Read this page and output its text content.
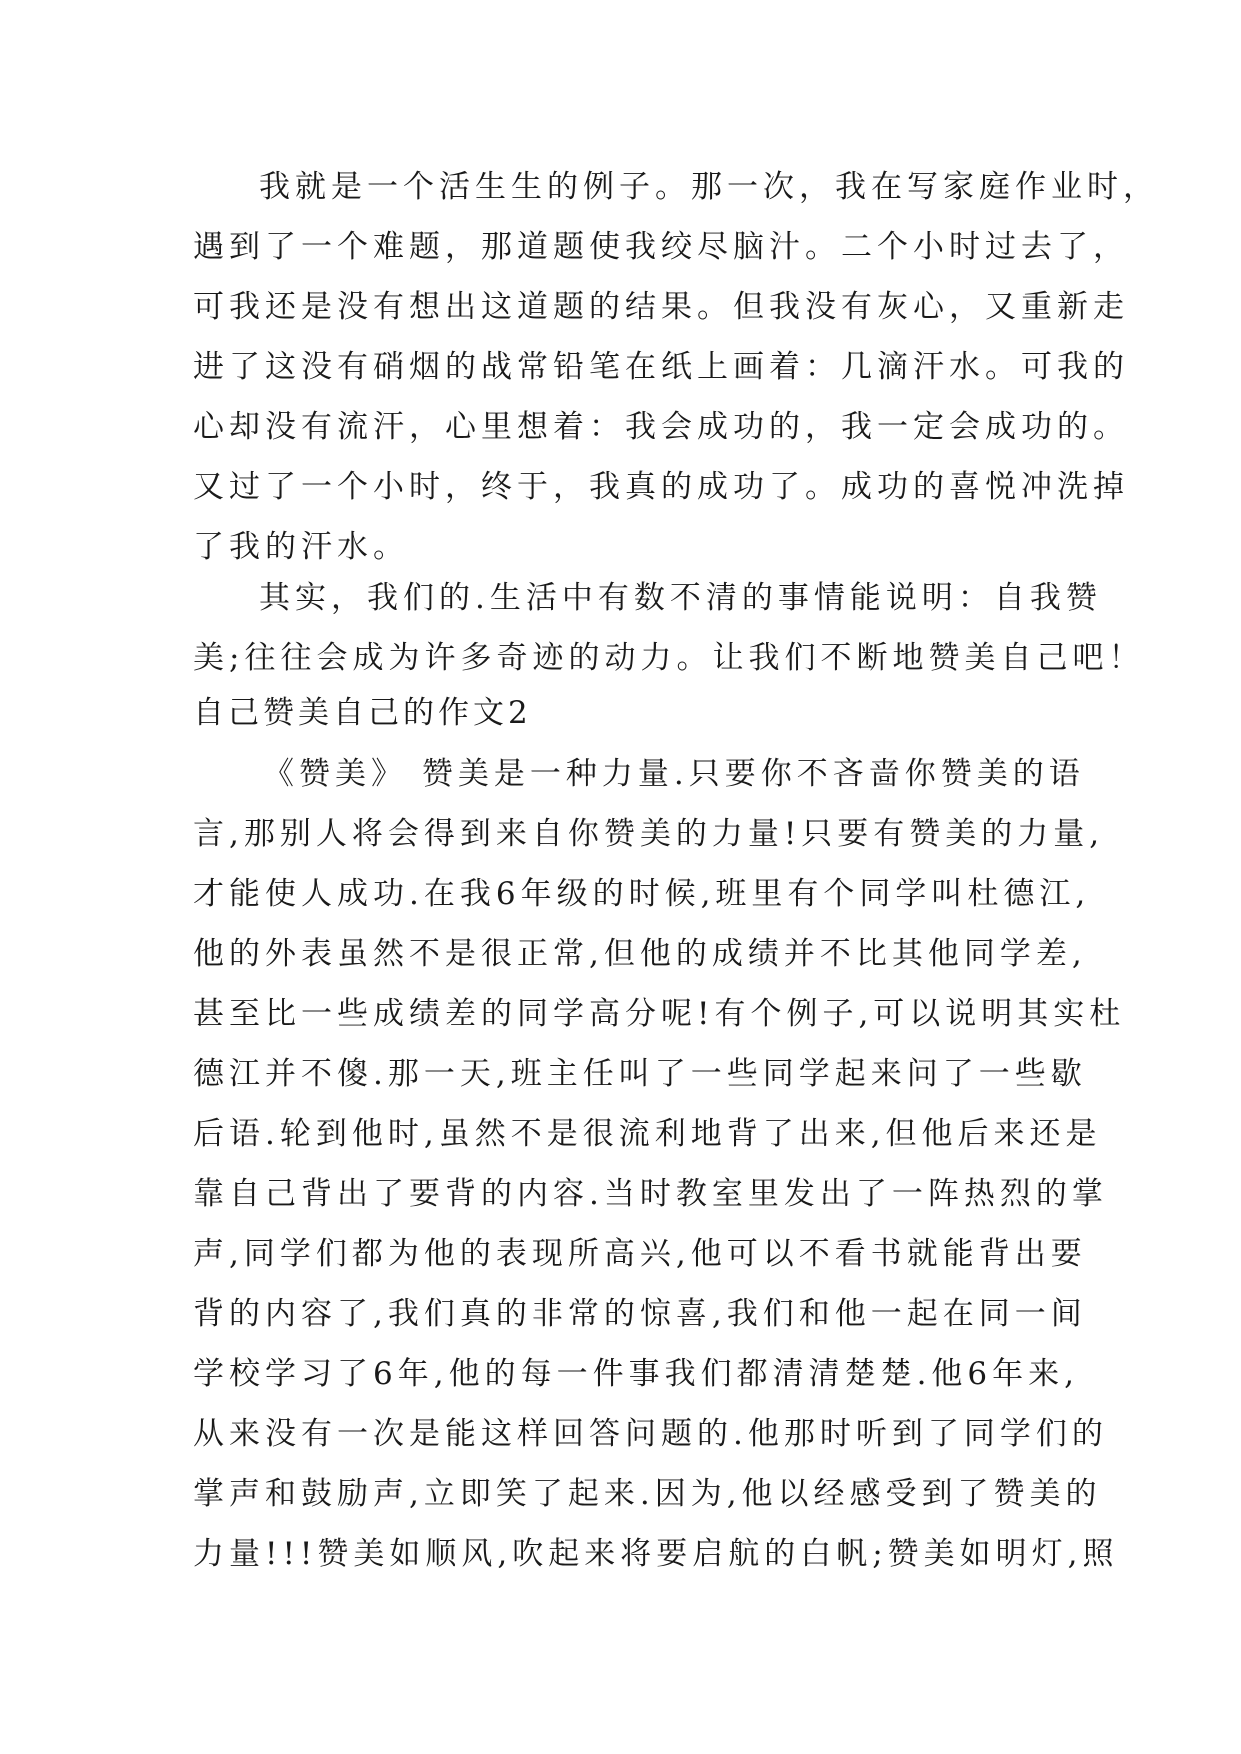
我就是一个活生生的例子。那一次，我在写家庭作业时，
遇到了一个难题，那道题使我绞尽脑汁。二个小时过去了，
可我还是没有想出这道题的结果。但我没有灰心，又重新走
进了这没有硝烟的战常铅笔在纸上画着：几滴汗水。可我的
心却没有流汗，心里想着：我会成功的，我一定会成功的。
又过了一个小时，终于，我真的成功了。成功的喜悦冲洗掉
了我的汗水。
其实，我们的.生活中有数不清的事情能说明：自我赞
美;往往会成为许多奇迹的动力。让我们不断地赞美自己吧！
自己赞美自己的作文2
《赞美》 赞美是一种力量.只要你不吝啬你赞美的语
言,那别人将会得到来自你赞美的力量!只要有赞美的力量,
才能使人成功.在我6年级的时候,班里有个同学叫杜德江,
他的外表虽然不是很正常,但他的成绩并不比其他同学差,
甚至比一些成绩差的同学高分呢!有个例子,可以说明其实杜
德江并不傻.那一天,班主任叫了一些同学起来问了一些歇
后语.轮到他时,虽然不是很流利地背了出来,但他后来还是
靠自己背出了要背的内容.当时教室里发出了一阵热烈的掌
声,同学们都为他的表现所高兴,他可以不看书就能背出要
背的内容了,我们真的非常的惊喜,我们和他一起在同一间
学校学习了6年,他的每一件事我们都清清楚楚.他6年来,
从来没有一次是能这样回答问题的.他那时听到了同学们的
掌声和鼓励声,立即笑了起来.因为,他以经感受到了赞美的
力量!!!赞美如顺风,吹起来将要启航的白帆;赞美如明灯,照
